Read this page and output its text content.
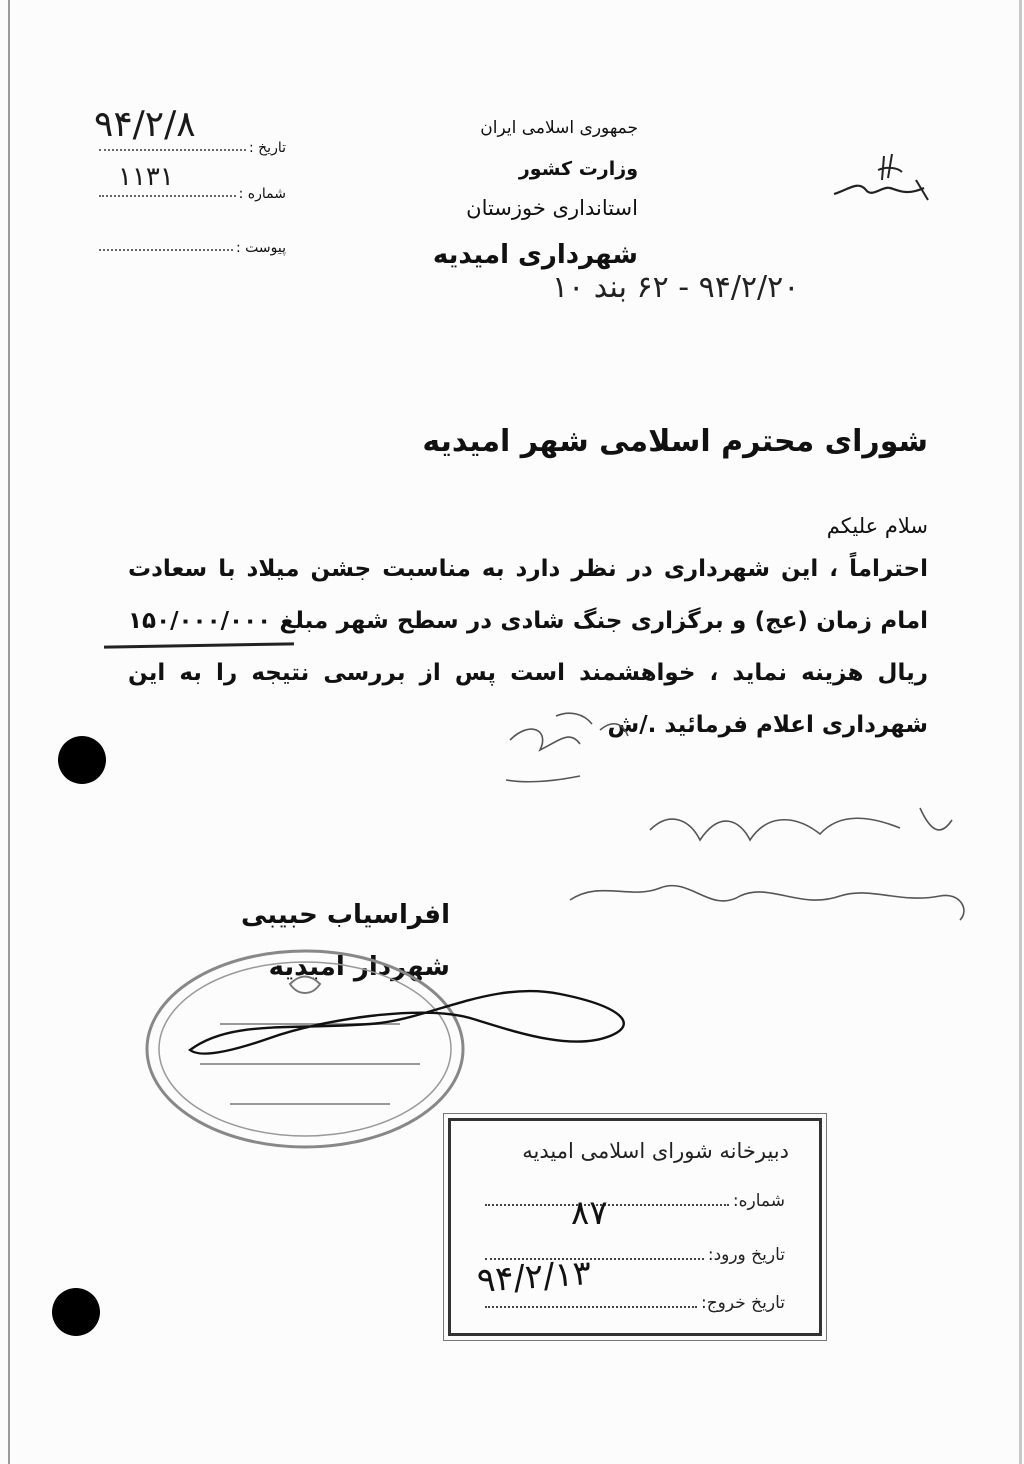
جمهوری اسلامی ایران
وزارت کشور
استانداری خوزستان
شهرداری امیدیه
تاریخ :
شماره :
پیوست :
۹۴/۲/۸
۱۱۳۱
۹۴/۲/۲۰ - ۶۲ بند ۱۰
شورای محترم اسلامی شهر امیدیه
سلام علیکم
احتراماً ، این شهرداری در نظر دارد به مناسبت جشن میلاد با سعادت
امام زمان (عج) و برگزاری جنگ شادی در سطح شهر مبلغ ۱۵۰/۰۰۰/۰۰۰
ریال هزینه نماید ، خواهشمند است پس از بررسی نتیجه را به این
شهرداری اعلام فرمائید ./ش
افراسیاب حبیبی
شهردار امیدیه
دبیرخانه شورای اسلامی امیدیه
شماره:
تاریخ ورود:
تاریخ خروج:
۸۷
۹۴/۲/۱۳
